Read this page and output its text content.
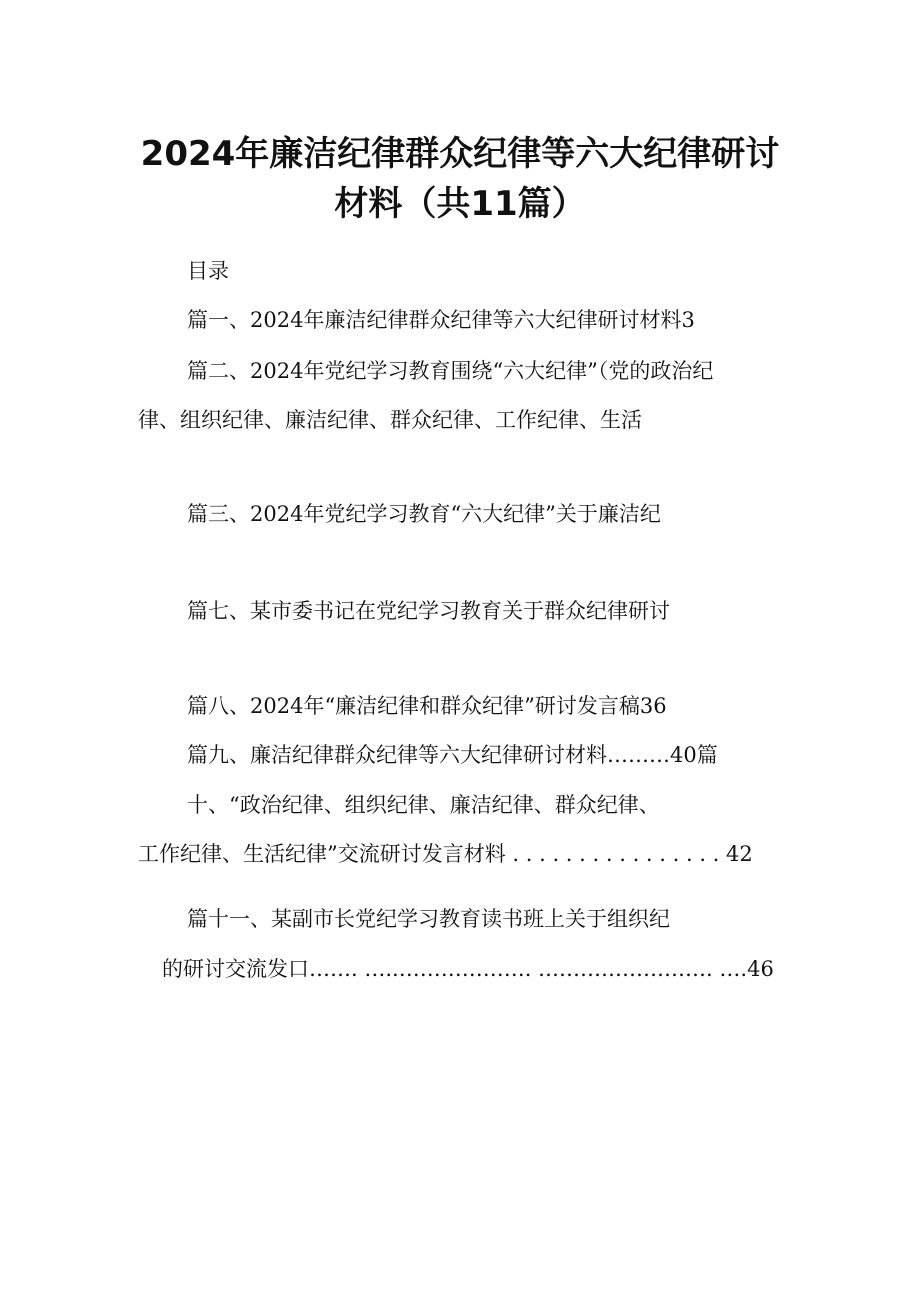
2024年廉洁纪律群众纪律等六大纪律研讨
材料（共11篇）
目录
篇一、2024年廉洁纪律群众纪律等六大纪律研讨材料3
篇二、2024年党纪学习教育围绕“六大纪律”（党的政治纪
律、组织纪律、廉洁纪律、群众纪律、工作纪律、生活
篇三、2024年党纪学习教育“六大纪律”关于廉洁纪
篇七、某市委书记在党纪学习教育关于群众纪律研讨
篇八、2024年“廉洁纪律和群众纪律”研讨发言稿36
篇九、廉洁纪律群众纪律等六大纪律研讨材料………40篇
十、“政治纪律、组织纪律、廉洁纪律、群众纪律、
工作纪律、生活纪律”交流研讨发言材料 . . . . . . . . . . . . . . . . 42
篇十一、某副市长党纪学习教育读书班上关于组织纪
的研讨交流发口……. …..………………. ……………………. ….46
